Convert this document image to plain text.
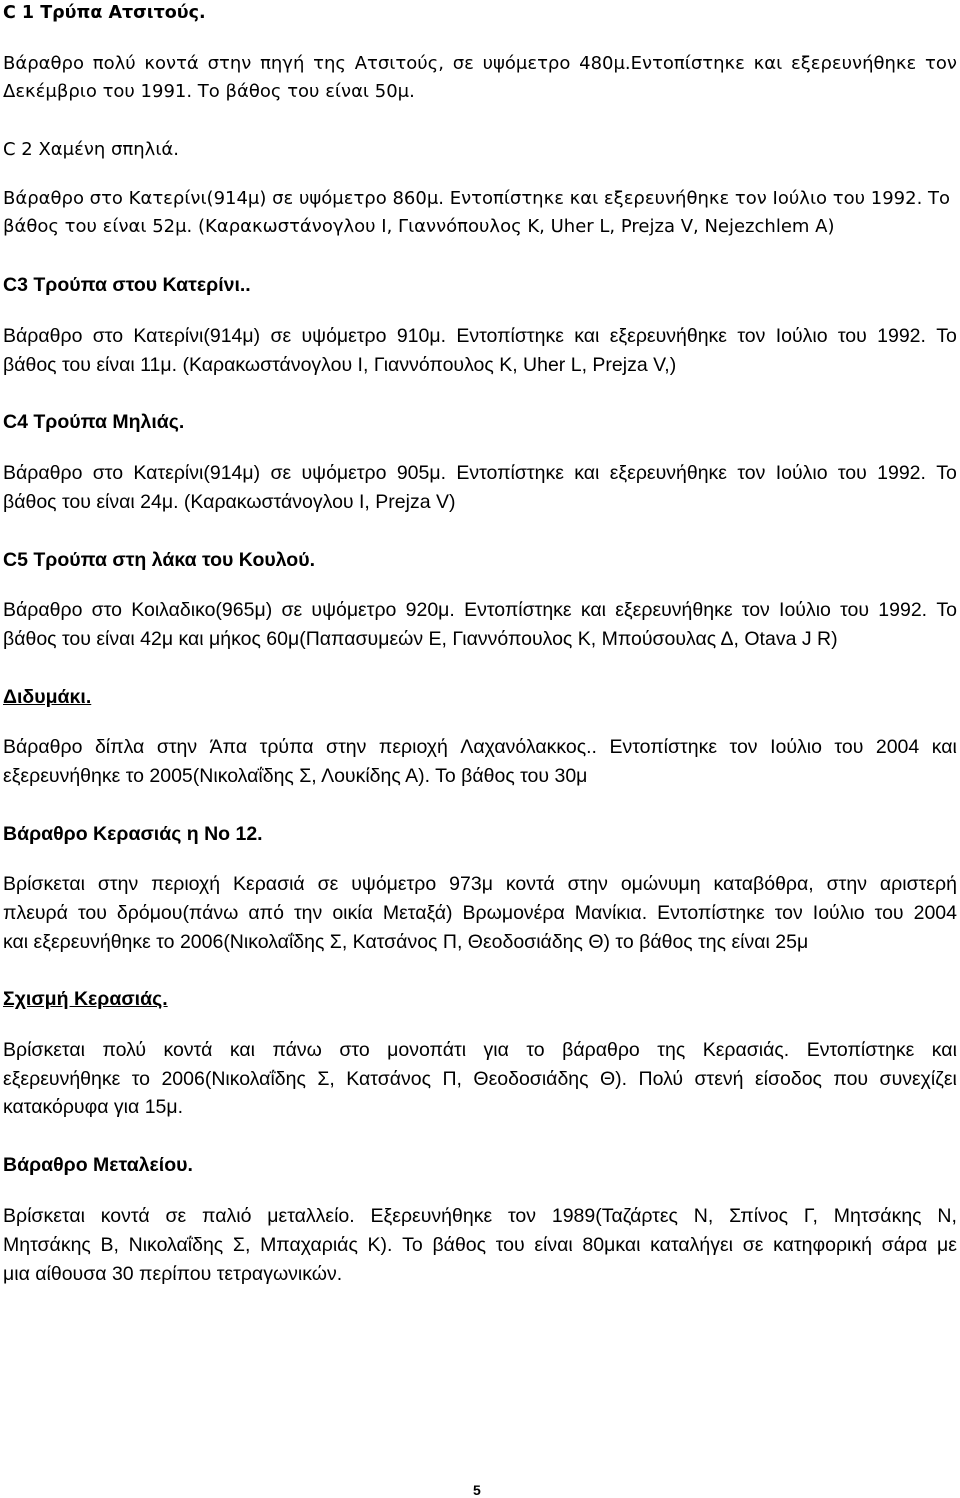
C 1 Τρύπα Ατσιτούς.
Βάραθρο πολύ κοντά στην πηγή της Ατσιτούς, σε υψόμετρο 480μ.Εντοπίστηκε και εξερευνήθηκε τον
Δεκέμβριο του 1991. Το βάθος του είναι 50μ.
C 2 Χαμένη σπηλιά.
Βάραθρο στο Κατερίνι(914μ) σε υψόμετρο 860μ. Εντοπίστηκε και εξερευνήθηκε τον Ιούλιο του 1992. Το
βάθος του είναι 52μ. (Καρακωστάνογλου Ι, Γιαννόπουλος Κ, Uher L, Prejza V, Nejezchlem A)
C3 Τρούπα στου Κατερίνι..
Βάραθρο στο Κατερίνι(914μ) σε υψόμετρο 910μ. Εντοπίστηκε και εξερευνήθηκε τον Ιούλιο του 1992. Το
βάθος του είναι 11μ. (Καρακωστάνογλου Ι, Γιαννόπουλος Κ, Uher L, Prejza V,)
C4 Τρούπα Μηλιάς.
Βάραθρο στο Κατερίνι(914μ) σε υψόμετρο 905μ. Εντοπίστηκε και εξερευνήθηκε τον Ιούλιο του 1992. Το
βάθος του είναι 24μ. (Καρακωστάνογλου Ι, Prejza V)
C5 Τρούπα στη λάκα του Κουλού.
Βάραθρο στο Κοιλαδικο(965μ) σε υψόμετρο 920μ. Εντοπίστηκε και εξερευνήθηκε τον Ιούλιο του 1992. Το
βάθος του είναι 42μ και μήκος 60μ(Παπασυμεών Ε, Γιαννόπουλος Κ, Μπούσουλας Δ, Otava J R)
Διδυμάκι.
Βάραθρο δίπλα στην Άπα τρύπα στην περιοχή Λαχανόλακκος.. Εντοπίστηκε τον Ιούλιο του 2004 και
εξερευνήθηκε το 2005(Νικολαΐδης Σ, Λουκίδης Α). Το βάθος του 30μ
Βάραθρο Κερασιάς η Νο 12.
Βρίσκεται στην περιοχή Κερασιά σε υψόμετρο 973μ κοντά στην ομώνυμη καταβόθρα, στην αριστερή
πλευρά του δρόμου(πάνω από την οικία Μεταξά) Βρωμονέρα Μανίκια. Εντοπίστηκε τον Ιούλιο του 2004
και εξερευνήθηκε το 2006(Νικολαΐδης Σ, Κατσάνος Π, Θεοδοσιάδης Θ) το βάθος της είναι 25μ
Σχισμή Κερασιάς.
Βρίσκεται πολύ κοντά και πάνω στο μονοπάτι για το βάραθρο της Κερασιάς. Εντοπίστηκε και
εξερευνήθηκε το 2006(Νικολαΐδης Σ, Κατσάνος Π, Θεοδοσιάδης Θ). Πολύ στενή είσοδος που συνεχίζει
κατακόρυφα για 15μ.
Βάραθρο Μεταλείου.
Βρίσκεται κοντά σε παλιό μεταλλείο. Εξερευνήθηκε τον 1989(Ταζάρτες Ν, Σπίνος Γ, Μητσάκης Ν,
Μητσάκης Β, Νικολαΐδης Σ, Μπαχαριάς Κ). Το βάθος του είναι 80μκαι καταλήγει σε κατηφορική σάρα με
μια αίθουσα 30 περίπου τετραγωνικών.
5
